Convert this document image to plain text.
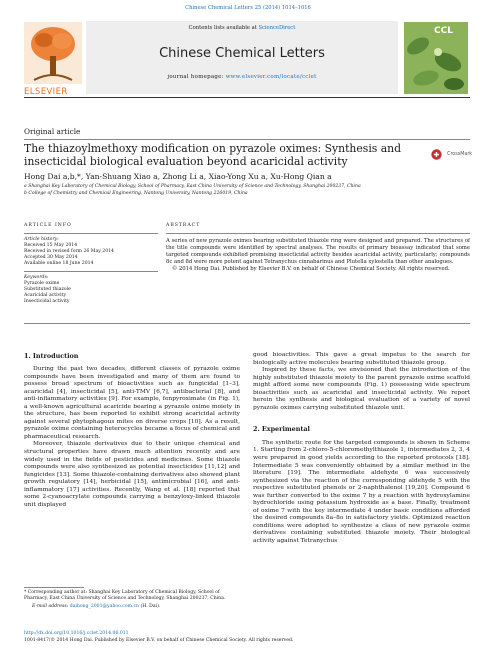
Chinese Chemical Letters 25 (2014) 1014–1016
ELSEVIER
Contents lists available at ScienceDirect
Chinese Chemical Letters
journal homepage: www.elsevier.com/locate/cclet
CCL
Original article
The thiazoylmethoxy modification on pyrazole oximes: Synthesis and insecticidal biological evaluation beyond acaricidal activity
CrossMark
Hong Dai a,b,*, Yan-Shuang Xiao a, Zhong Li a, Xiao-Yong Xu a, Xu-Hong Qian a
a Shanghai Key Laboratory of Chemical Biology, School of Pharmacy, East China University of Science and Technology, Shanghai 200237, China
b College of Chemistry and Chemical Engineering, Nantong University, Nantong 226019, China
ARTICLE INFO
Article history:
Received 15 May 2014
Received in revised form 26 May 2014
Accepted 30 May 2014
Available online 18 June 2014
Keywords:
Pyrazole oxime
Substituted thiazole
Acaricidal activity
Insecticidal activity
ABSTRACT
A series of new pyrazole oximes bearing substituted thiazole ring were designed and prepared. The structures of the title compounds were identified by spectral analyses. The results of primary bioassay indicated that some targeted compounds exhibited promising insecticidal activity besides acaricidal activity, particularly; compounds 8c and 8d were more potent against Tetranychus cinnabarinus and Plutella xylostella than other analogues.
© 2014 Hong Dai. Published by Elsevier B.V. on behalf of Chinese Chemical Society. All rights reserved.
1. Introduction

During the past two decades, different classes of pyrazole oxime compounds have been investigated and many of them are found to possess broad spectrum of bioactivities such as fungicidal [1–3], acaricidal [4], insecticidal [5], anti-TMV [6,7], antibacterial [8], and anti-inflammatory activities [9]. For example, fenpyroximate (in Fig. 1), a well-known agricultural acaricide bearing a pyrazole oxime moiety in the structure, has been reported to exhibit strong acaricidal activity against several phytophagous mites on diverse crops [10]. As a result, pyrazole oxime containing heterocycles became a focus of chemical and pharmaceutical research.

Moreover, thiazole derivatives due to their unique chemical and structural properties have drawn much attention recently and are widely used in the fields of pesticides and medicines. Some thiazole compounds were also synthesized as potential insecticides [11,12] and fungicides [13]. Some thiazole-containing derivatives also showed plant growth regulatory [14], herbicidal [15], antimicrobial [16], and anti-inflammatory [17] activities. Recently, Wang et al. [18] reported that some 2-cyanoacrylate compounds carrying a benzyloxy-linked thiazole unit displayed

* Corresponding author at: Shanghai Key Laboratory of Chemical Biology, School of Pharmacy, East China University of Science and Technology, Shanghai 200237, China.
E-mail address: daihong_2001@yahoo.com.cn (H. Dai).

good bioactivities. This gave a great impetus to the search for biologically active molecules bearing substituted thiazole group.

Inspired by these facts, we envisioned that the introduction of the highly substituted thiazole moiety to the parent pyrazole oxime scaffold might afford some new compounds (Fig. 1) possessing wide spectrum bioactivities such as acaricidal and insecticidal activity. We report herein the synthesis and biological evaluation of a variety of novel pyrazole oximes carrying substituted thiazole unit.

2. Experimental

The synthetic route for the targeted compounds is shown in Scheme 1. Starting from 2-chloro-5-chloromethylthiazole 1, intermediates 2, 3, 4 were prepared in good yields according to the reported protocols [18]. Intermediate 5 was conveniently obtained by a similar method in the literature [19]. The intermediate aldehyde 6 was successively synthesized via the reaction of the corresponding aldehyde 5 with the respective substituted phenols or 2-naphthalenol [19,20]. Compound 6 was further converted to the oxime 7 by a reaction with hydroxylamine hydrochloride using potassium hydroxide as a base. Finally, treatment of oxime 7 with the key intermediate 4 under basic conditions afforded the desired compounds 8a–8o in satisfactory yields. Optimized reaction conditions were adopted to synthesize a class of new pyrazole oxime derivatives containing substituted thiazole moiety. Their biological activity against Tetranychus

http://dx.doi.org/10.1016/j.cclet.2014.06.011
1001-8417/© 2014 Hong Dai. Published by Elsevier B.V. on behalf of Chinese Chemical Society. All rights reserved.
